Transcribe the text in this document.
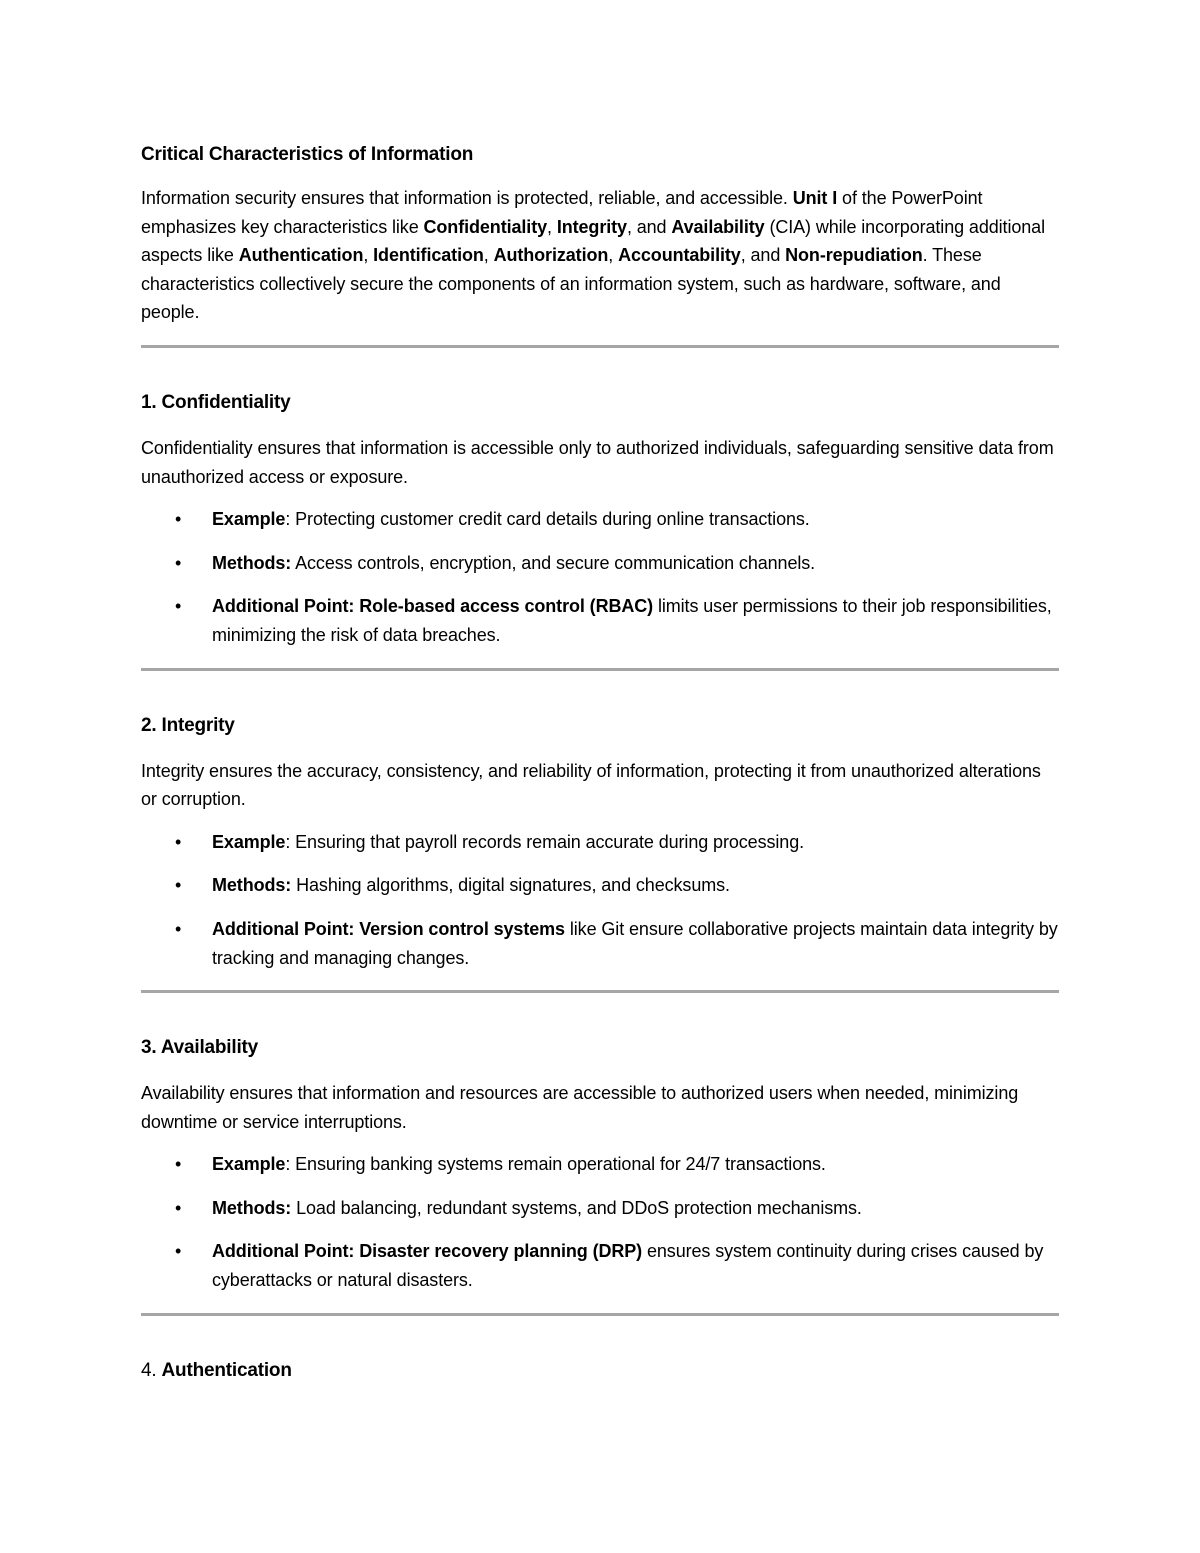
Critical Characteristics of Information

Information security ensures that information is protected, reliable, and accessible. Unit I of the PowerPoint emphasizes key characteristics like Confidentiality, Integrity, and Availability (CIA) while incorporating additional aspects like Authentication, Identification, Authorization, Accountability, and Non-repudiation. These characteristics collectively secure the components of an information system, such as hardware, software, and people.

1. Confidentiality

Confidentiality ensures that information is accessible only to authorized individuals, safeguarding sensitive data from unauthorized access or exposure.

• Example: Protecting customer credit card details during online transactions.
• Methods: Access controls, encryption, and secure communication channels.
• Additional Point: Role-based access control (RBAC) limits user permissions to their job responsibilities, minimizing the risk of data breaches.
2. Integrity

Integrity ensures the accuracy, consistency, and reliability of information, protecting it from unauthorized alterations or corruption.

• Example: Ensuring that payroll records remain accurate during processing.
• Methods: Hashing algorithms, digital signatures, and checksums.
• Additional Point: Version control systems like Git ensure collaborative projects maintain data integrity by tracking and managing changes.
3. Availability

Availability ensures that information and resources are accessible to authorized users when needed, minimizing downtime or service interruptions.

• Example: Ensuring banking systems remain operational for 24/7 transactions.
• Methods: Load balancing, redundant systems, and DDoS protection mechanisms.
• Additional Point: Disaster recovery planning (DRP) ensures system continuity during crises caused by cyberattacks or natural disasters.
4. Authentication
